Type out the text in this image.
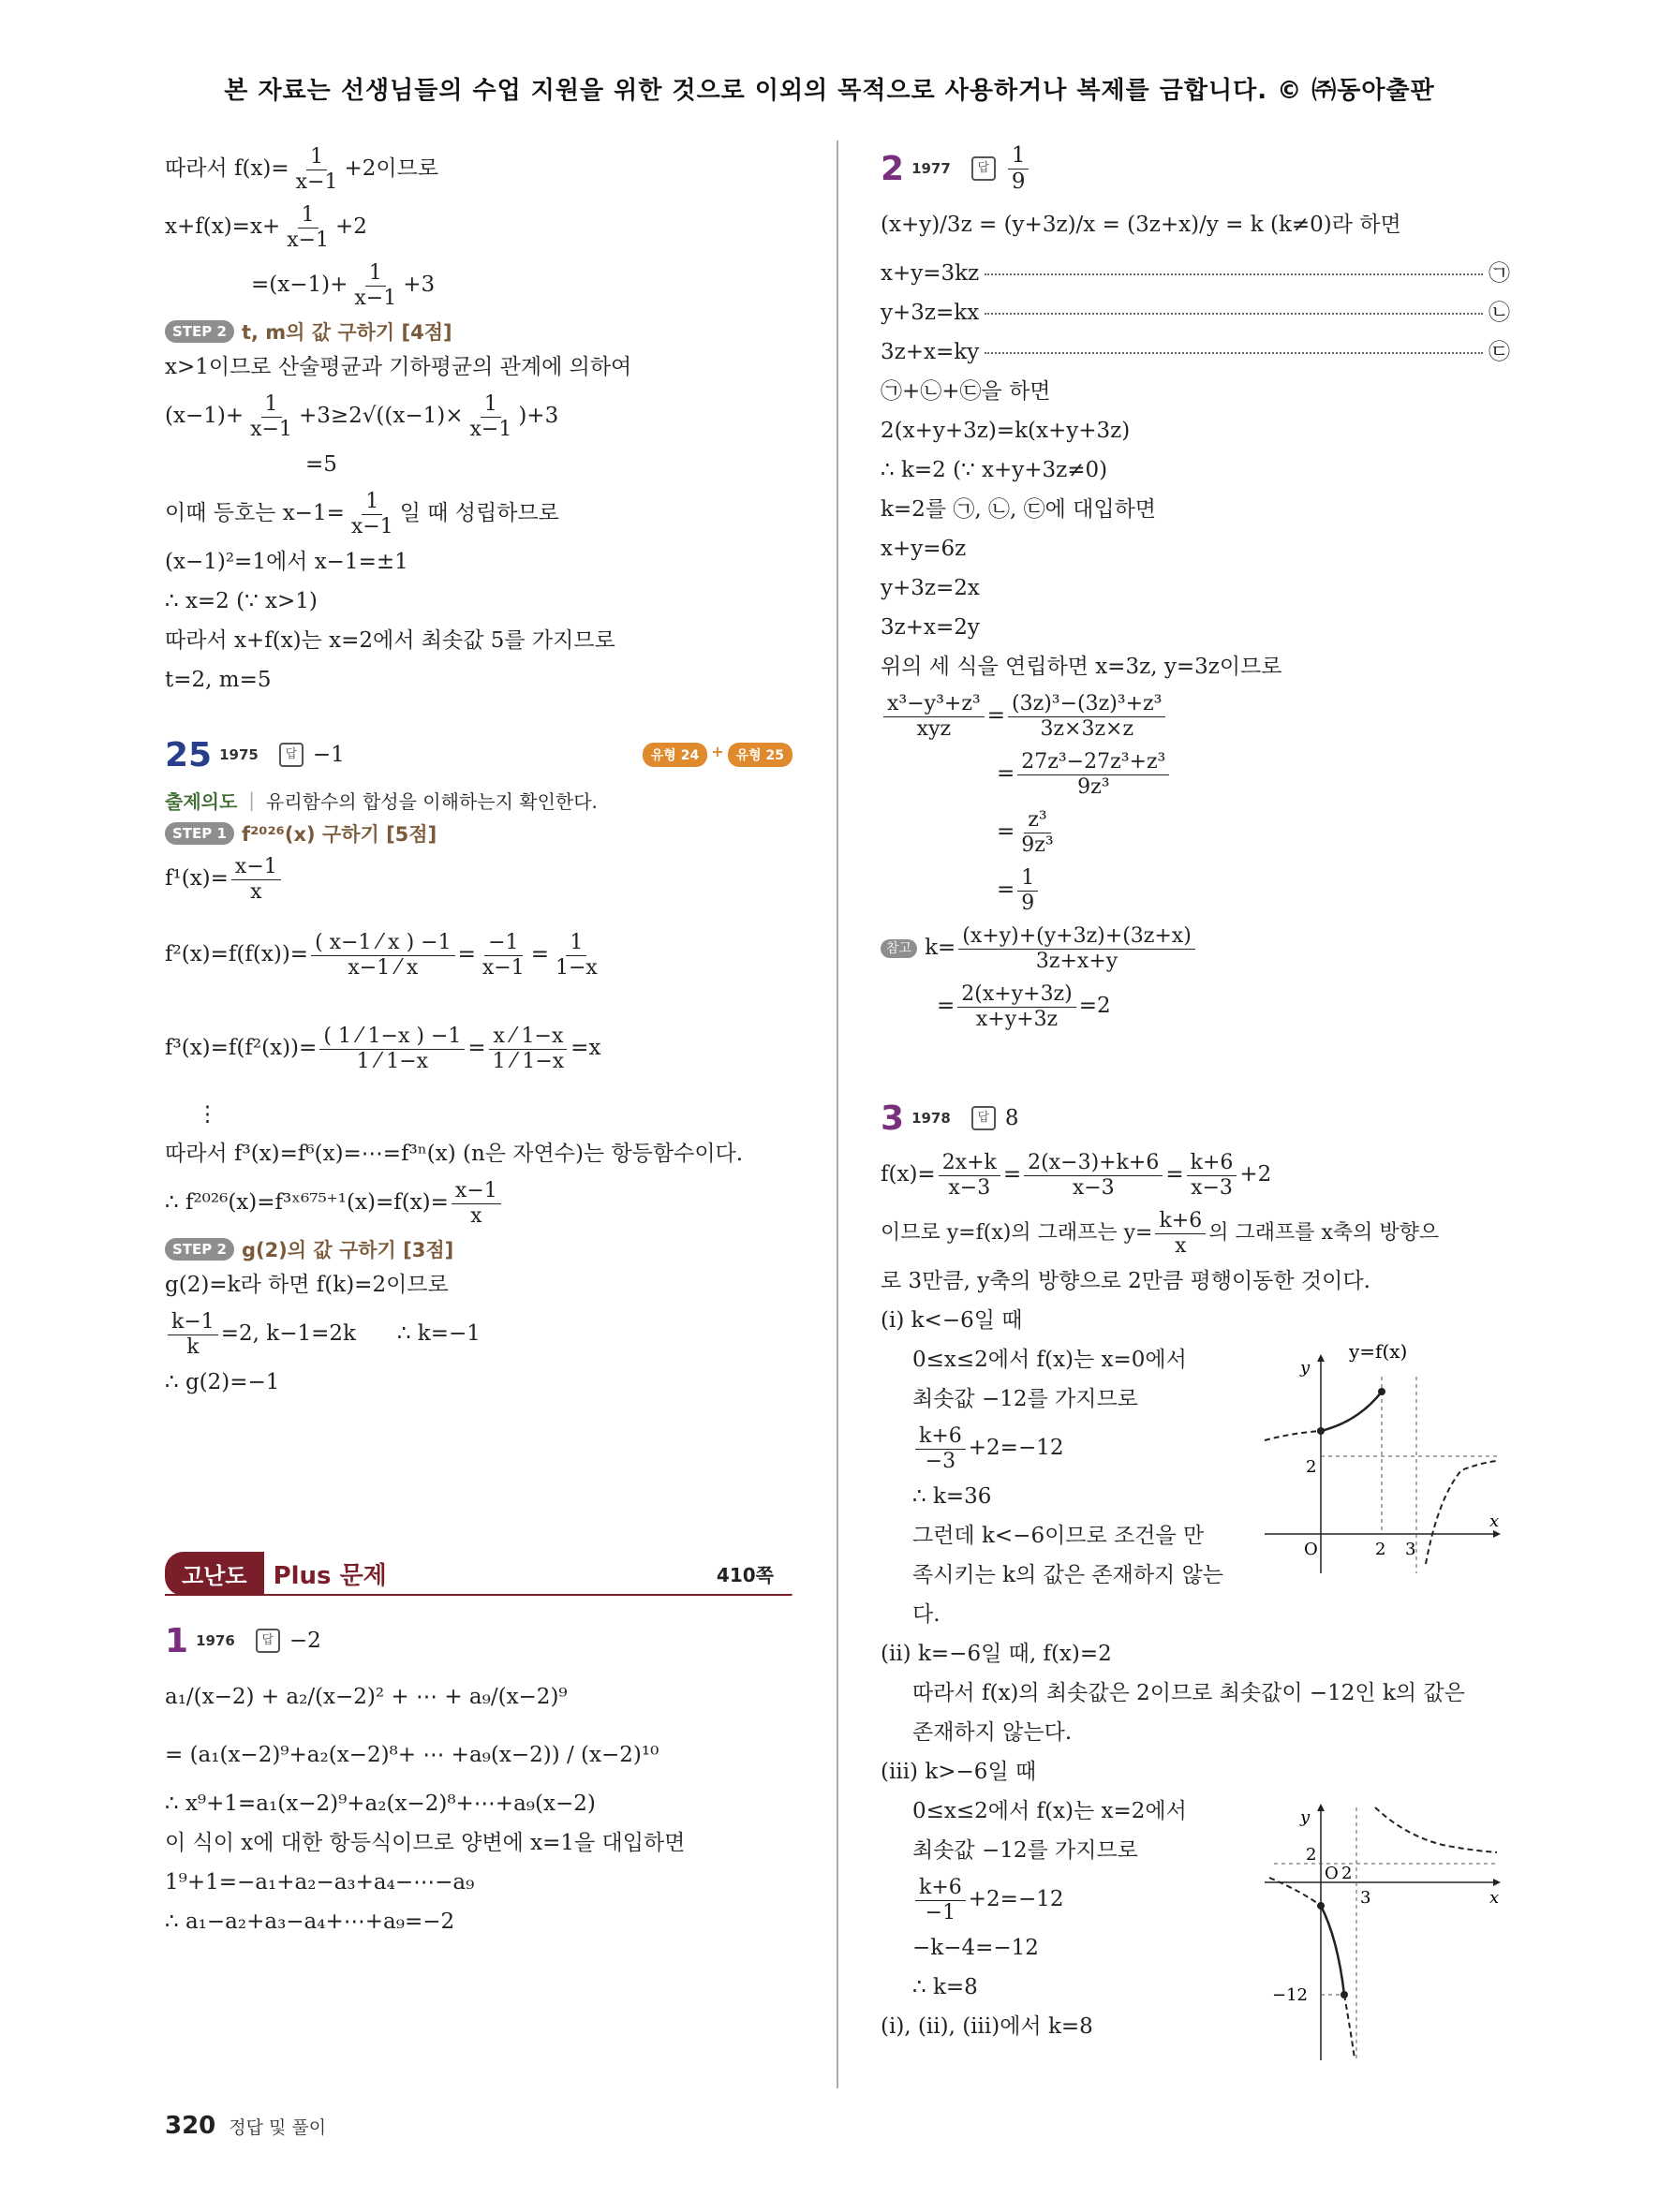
본 자료는 선생님들의 수업 지원을 위한 것으로 이외의 목적으로 사용하거나 복제를 금합니다. © ㈜동아출판
따라서 $f(x)= \frac{1}{x-1} +2$이므로
$x+f(x)=x+ \frac{1}{x-1} +2$
$=(x-1)+ \frac{1}{x-1} +3$
STEP 2 t, m의 값 구하기 [4점]
x>1이므로 산술평균과 기하평균의 관계에 의하여
$(x-1)+ \frac{1}{x-1} +3\ge 2√((x-1)\times \frac{1}{x-1} )+3$
=5
이때 등호는 $x-1= \frac{1}{x-1}$ 일 때 성립하므로
(x−1)²=1에서 x−1=±1
∴ x=2 (∵ x>1)
따라서 x+f(x)는 x=2에서 최솟값 5를 가지므로
t=2, m=5
25 1975	답 −1	유형 24 + 유형 25
출제의도 | 유리함수의 합성을 이해하는지 확인한다.
STEP 1 f²⁰²⁶(x) 구하기 [5점]
$f^1(x)= \frac{x-1}{x}$
$f^2(x)=f(f(x))= \frac{( x-1 ⁄ x ) -1}{x-1 ⁄ x} = \frac{-1}{x-1} = \frac{1}{1-x}$
$f^3(x)=f(f^2(x))= \frac{( 1 ⁄ 1-x ) -1}{1 ⁄ 1-x} = \frac{x ⁄ 1-x}{1 ⁄ 1-x} =x$
⋮
따라서 f³(x)=f⁶(x)=⋯=f³ⁿ(x) (n은 자연수)는 항등함수이다.
∴ f²⁰²⁶(x)=f³ˣ⁶⁷⁵⁺¹(x)=f(x)= $\frac{x-1}{x}$
STEP 2 g(2)의 값 구하기 [3점]
g(2)=k라 하면 f(k)=2이므로
$\frac{k-1}{k} =2$, k−1=2k      ∴ k=−1
∴ g(2)=−1
고난도	Plus 문제	410쪽
1 1976	답 −2
a₁/(x−2) + a₂/(x−2)² + ⋯ + a₉/(x−2)⁹
= (a₁(x−2)⁹+a₂(x−2)⁸+ ⋯ +a₉(x−2)) / (x−2)¹⁰
∴ x⁹+1=a₁(x−2)⁹+a₂(x−2)⁸+⋯+a₉(x−2)
이 식이 x에 대한 항등식이므로 양변에 x=1을 대입하면
1⁹+1=−a₁+a₂−a₃+a₄−⋯−a₉
∴ a₁−a₂+a₃−a₄+⋯+a₉=−2
2 1977	답 $\frac{1}{9}$
(x+y)/3z = (y+3z)/x = (3z+x)/y = k (k≠0)라 하면
x+y=3kz	㉠
y+3z=kx	㉡
3z+x=ky	㉢
㉠+㉡+㉢을 하면
2(x+y+3z)=k(x+y+3z)
∴ k=2 (∵ x+y+3z≠0)
k=2를 ㉠, ㉡, ㉢에 대입하면
x+y=6z
y+3z=2x
3z+x=2y
위의 세 식을 연립하면 x=3z, y=3z이므로
$\frac{\text{x³−y³+z³}}{\text{xyz}} = \frac{\text{(3z)³−(3z)³+z³}}{3z\times 3z\times z}$
= $\frac{\text{27z³−27z³+z³}}{\text{9z³}}$
= $\frac{\text{z³}}{\text{9z³}}$
= $\frac{1}{9}$
참고 $k= \frac{(x+y)+(y+3z)+(3z+x)}{3z+x+y}$
= $\frac{2(x+y+3z)}{x+y+3z} =2$
3 1978	답 8
$f(x)= \frac{2x+k}{x-3} = \frac{2(x-3)+k+6}{x-3} = \frac{k+6}{x-3} +2$
이므로 y=f(x)의 그래프는 $y= \frac{k+6}{x}$ 의 그래프를 x축의 방향으
로 3만큼, y축의 방향으로 2만큼 평행이동한 것이다.
(ⅰ) k<−6일 때
0≤x≤2에서 f(x)는 x=0에서
최솟값 −12를 가지므로
$\frac{k+6}{-3} +2=-12$
∴ k=36
그런데 k<−6이므로 조건을 만
족시키는 k의 값은 존재하지 않는
다.
(ⅱ) k=−6일 때, f(x)=2
따라서 f(x)의 최솟값은 2이므로 최솟값이 −12인 k의 값은
존재하지 않는다.
(ⅲ) k>−6일 때
0≤x≤2에서 f(x)는 x=2에서
최솟값 −12를 가지므로
$\frac{k+6}{-1} +2=-12$
−k−4=−12
∴ k=8
(ⅰ), (ⅱ), (ⅲ)에서 k=8
y=f(x)
y
x
O
2
2 3
y
x
O
2
2
3
−12
320 정답 및 풀이
